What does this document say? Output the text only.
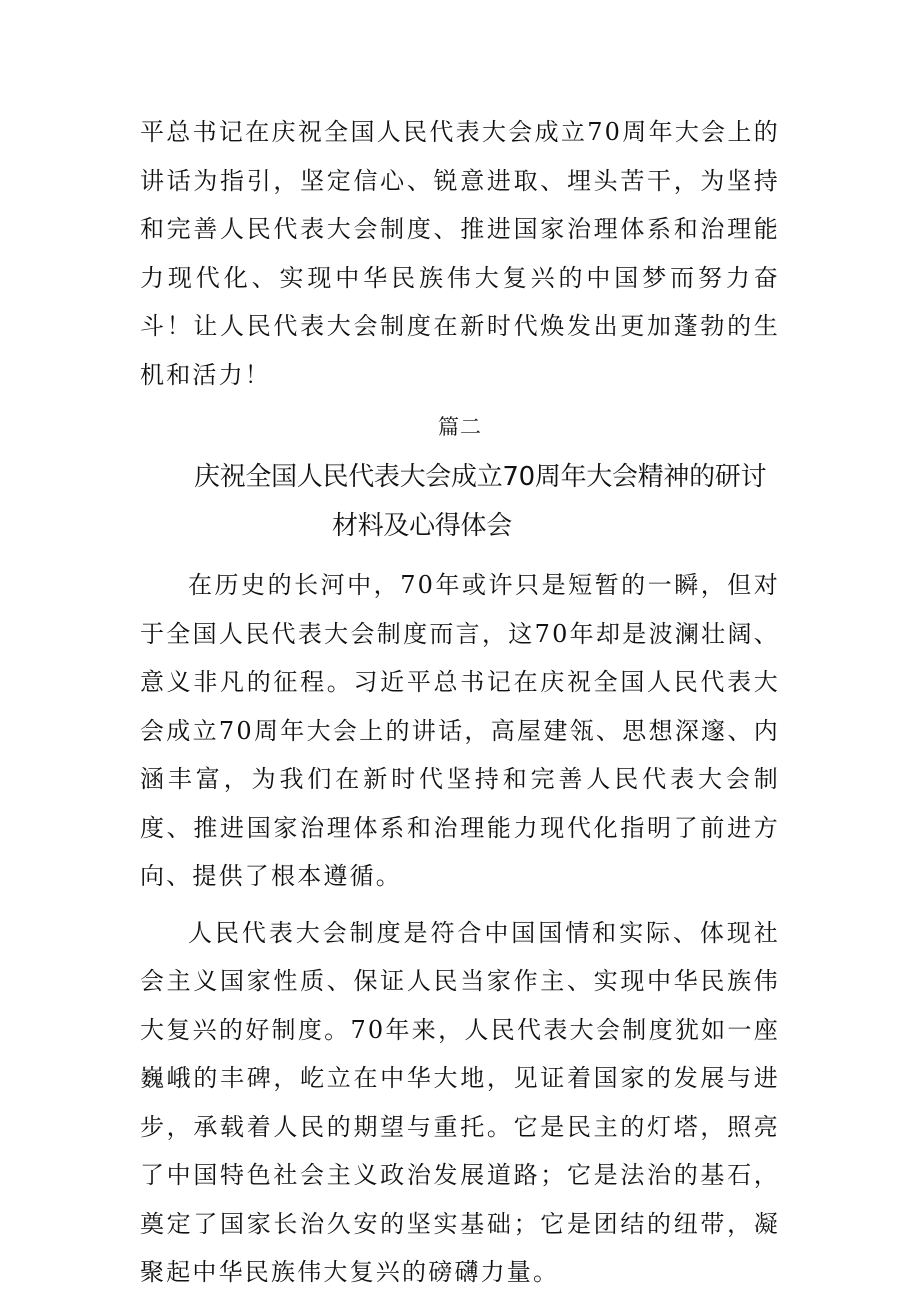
平总书记在庆祝全国人民代表大会成立70周年大会上的讲话为指引，坚定信心、锐意进取、埋头苦干，为坚持和完善人民代表大会制度、推进国家治理体系和治理能力现代化、实现中华民族伟大复兴的中国梦而努力奋斗！让人民代表大会制度在新时代焕发出更加蓬勃的生机和活力！

篇二
庆祝全国人民代表大会成立70周年大会精神的研讨
材料及心得体会

在历史的长河中，70年或许只是短暂的一瞬，但对于全国人民代表大会制度而言，这70年却是波澜壮阔、意义非凡的征程。习近平总书记在庆祝全国人民代表大会成立70周年大会上的讲话，高屋建瓴、思想深邃、内涵丰富，为我们在新时代坚持和完善人民代表大会制度、推进国家治理体系和治理能力现代化指明了前进方向、提供了根本遵循。

人民代表大会制度是符合中国国情和实际、体现社会主义国家性质、保证人民当家作主、实现中华民族伟大复兴的好制度。70年来，人民代表大会制度犹如一座巍峨的丰碑，屹立在中华大地，见证着国家的发展与进步，承载着人民的期望与重托。它是民主的灯塔，照亮了中国特色社会主义政治发展道路；它是法治的基石，奠定了国家长治久安的坚实基础；它是团结的纽带，凝聚起中华民族伟大复兴的磅礴力量。
